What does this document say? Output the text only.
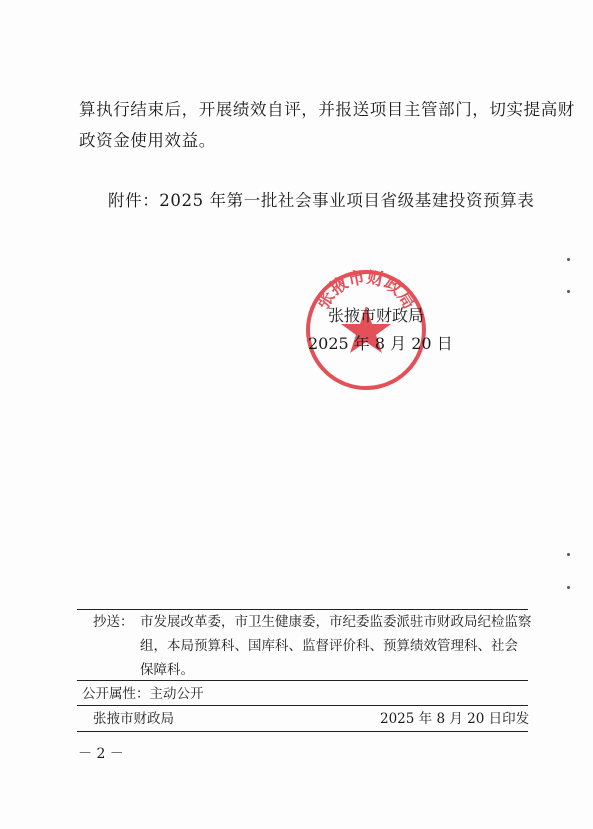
算执行结束后，开展绩效自评，并报送项目主管部门，切实提高财
政资金使用效益。
附件：2025 年第一批社会事业项目省级基建投资预算表
张掖市财政局
张掖市财政局
2025 年 8 月 20 日
抄送： 市发展改革委，市卫生健康委，市纪委监委派驻市财政局纪检监察
组，本局预算科、国库科、监督评价科、预算绩效管理科、社会
保障科。
公开属性：主动公开
张掖市财政局	2025 年 8 月 20 日印发
－ 2 －
